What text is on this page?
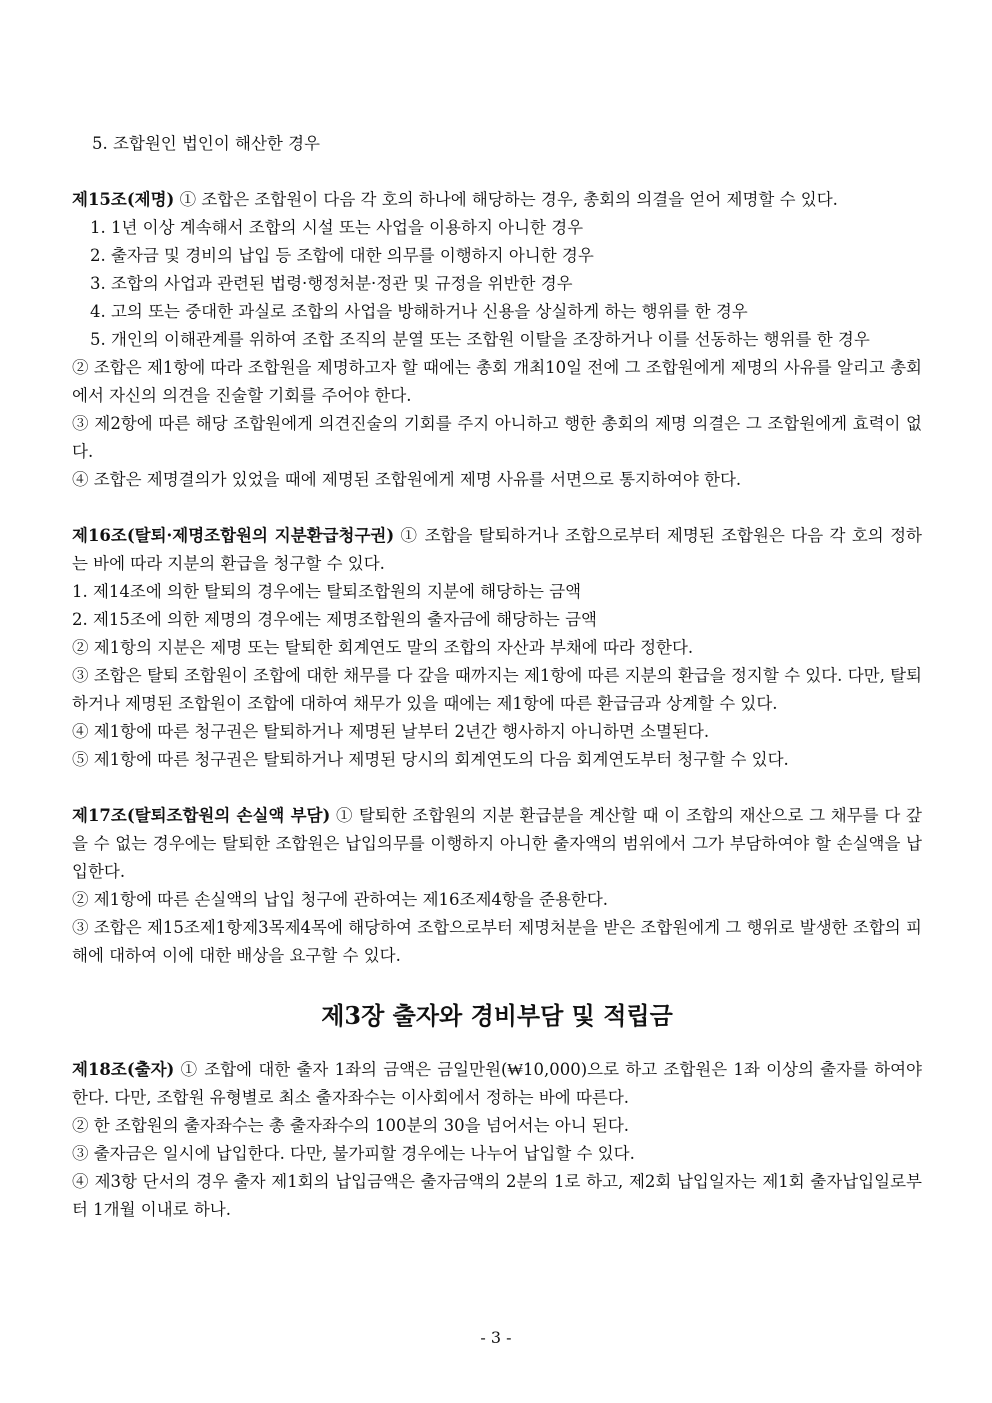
5. 조합원인 법인이 해산한 경우

제15조(제명) ① 조합은 조합원이 다음 각 호의 하나에 해당하는 경우, 총회의 의결을 얻어 제명할 수 있다.

1. 1년 이상 계속해서 조합의 시설 또는 사업을 이용하지 아니한 경우

2. 출자금 및 경비의 납입 등 조합에 대한 의무를 이행하지 아니한 경우

3. 조합의 사업과 관련된 법령·행정처분·정관 및 규정을 위반한 경우

4. 고의 또는 중대한 과실로 조합의 사업을 방해하거나 신용을 상실하게 하는 행위를 한 경우

5. 개인의 이해관계를 위하여 조합 조직의 분열 또는 조합원 이탈을 조장하거나 이를 선동하는 행위를 한 경우

② 조합은 제1항에 따라 조합원을 제명하고자 할 때에는 총회 개최10일 전에 그 조합원에게 제명의 사유를 알리고 총회에서 자신의 의견을 진술할 기회를 주어야 한다.

③ 제2항에 따른 해당 조합원에게 의견진술의 기회를 주지 아니하고 행한 총회의 제명 의결은 그 조합원에게 효력이 없다.

④ 조합은 제명결의가 있었을 때에 제명된 조합원에게 제명 사유를 서면으로 통지하여야 한다.

제16조(탈퇴·제명조합원의 지분환급청구권) ① 조합을 탈퇴하거나 조합으로부터 제명된 조합원은 다음 각 호의 정하는 바에 따라 지분의 환급을 청구할 수 있다.

1. 제14조에 의한 탈퇴의 경우에는 탈퇴조합원의 지분에 해당하는 금액

2. 제15조에 의한 제명의 경우에는 제명조합원의 출자금에 해당하는 금액

② 제1항의 지분은 제명 또는 탈퇴한 회계연도 말의 조합의 자산과 부채에 따라 정한다.

③ 조합은 탈퇴 조합원이 조합에 대한 채무를 다 갚을 때까지는 제1항에 따른 지분의 환급을 정지할 수 있다. 다만, 탈퇴하거나 제명된 조합원이 조합에 대하여 채무가 있을 때에는 제1항에 따른 환급금과 상계할 수 있다.

④ 제1항에 따른 청구권은 탈퇴하거나 제명된 날부터 2년간 행사하지 아니하면 소멸된다.

⑤ 제1항에 따른 청구권은 탈퇴하거나 제명된 당시의 회계연도의 다음 회계연도부터 청구할 수 있다.

제17조(탈퇴조합원의 손실액 부담) ① 탈퇴한 조합원의 지분 환급분을 계산할 때 이 조합의 재산으로 그 채무를 다 갚을 수 없는 경우에는 탈퇴한 조합원은 납입의무를 이행하지 아니한 출자액의 범위에서 그가 부담하여야 할 손실액을 납입한다.

② 제1항에 따른 손실액의 납입 청구에 관하여는 제16조제4항을 준용한다.

③ 조합은 제15조제1항제3목제4목에 해당하여 조합으로부터 제명처분을 받은 조합원에게 그 행위로 발생한 조합의 피해에 대하여 이에 대한 배상을 요구할 수 있다.

제3장 출자와 경비부담 및 적립금

제18조(출자) ① 조합에 대한 출자 1좌의 금액은 금일만원(₩10,000)으로 하고 조합원은 1좌 이상의 출자를 하여야 한다. 다만, 조합원 유형별로 최소 출자좌수는 이사회에서 정하는 바에 따른다.

② 한 조합원의 출자좌수는 총 출자좌수의 100분의 30을 넘어서는 아니 된다.

③ 출자금은 일시에 납입한다. 다만, 불가피할 경우에는 나누어 납입할 수 있다.

④ 제3항 단서의 경우 출자 제1회의 납입금액은 출자금액의 2분의 1로 하고, 제2회 납입일자는 제1회 출자납입일로부터 1개월 이내로 하나.

- 3 -
